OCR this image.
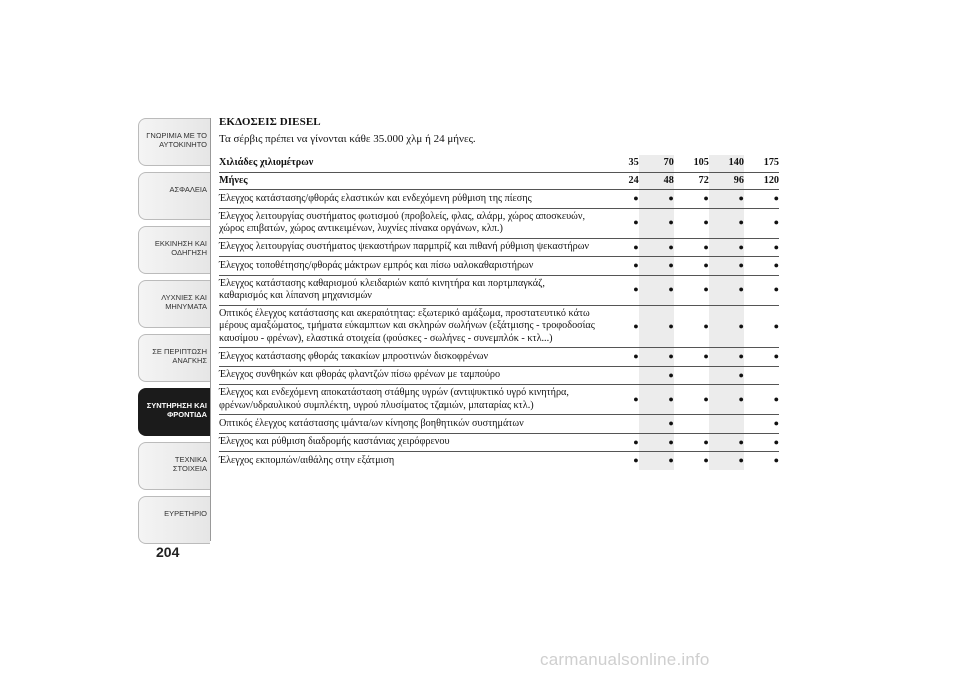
ΓΝΩΡΙΜΙΑ ΜΕ ΤΟ ΑΥΤΟΚΙΝΗΤΟ
ΑΣΦΑΛΕΙΑ
ΕΚΚΙΝΗΣΗ ΚΑΙ ΟΔΗΓΗΣΗ
ΛΥΧΝΙΕΣ ΚΑΙ ΜΗΝΥΜΑΤΑ
ΣΕ ΠΕΡΙΠΤΩΣΗ ΑΝΑΓΚΗΣ
ΣΥΝΤΗΡΗΣΗ ΚΑΙ ΦΡΟΝΤΙΔΑ
ΤΕΧΝΙΚΑ ΣΤΟΙΧΕΙΑ
ΕΥΡΕΤΗΡΙΟ
204
ΕΚΔΟΣΕΙΣ DIESEL
Τα σέρβις πρέπει να γίνονται κάθε 35.000 χλμ ή 24 μήνες.
Χιλιάδες χιλιομέτρων	35	70	105	140	175
Μήνες	24	48	72	96	120
Έλεγχος κατάστασης/φθοράς ελαστικών και ενδεχόμενη ρύθμιση της πίεσης	●	●	●	●	●
Έλεγχος λειτουργίας συστήματος φωτισμού (προβολείς, φλας, αλάρμ, χώρος αποσκευών, χώρος επιβατών, χώρος αντικειμένων, λυχνίες πίνακα οργάνων, κλπ.)	●	●	●	●	●
Έλεγχος λειτουργίας συστήματος ψεκαστήρων παρμπρίζ και πιθανή ρύθμιση ψεκαστήρων	●	●	●	●	●
Έλεγχος τοποθέτησης/φθοράς μάκτρων εμπρός και πίσω υαλοκαθαριστήρων	●	●	●	●	●
Έλεγχος κατάστασης καθαρισμού κλειδαριών καπό κινητήρα και πορτμπαγκάζ, καθαρισμός και λίπανση μηχανισμών	●	●	●	●	●
Οπτικός έλεγχος κατάστασης και ακεραιότητας: εξωτερικό αμάξωμα, προστατευτικό κάτω μέρους αμαξώματος, τμήματα εύκαμπτων και σκληρών σωλήνων (εξάτμισης - τροφοδοσίας καυσίμου - φρένων), ελαστικά στοιχεία (φούσκες - σωλήνες - συνεμπλόκ - κτλ...)	●	●	●	●	●
Έλεγχος κατάστασης φθοράς τακακίων μπροστινών δισκοφρένων	●	●	●	●	●
Έλεγχος συνθηκών και φθοράς φλαντζών πίσω φρένων με ταμπούρο		●		●	
Έλεγχος και ενδεχόμενη αποκατάσταση στάθμης υγρών (αντιψυκτικό υγρό κινητήρα, φρένων/υδραυλικού συμπλέκτη, υγρού πλυσίματος τζαμιών, μπαταρίας κτλ.)	●	●	●	●	●
Οπτικός έλεγχος κατάστασης ιμάντα/ων κίνησης βοηθητικών συστημάτων		●			●
Έλεγχος και ρύθμιση διαδρομής καστάνιας χειρόφρενου	●	●	●	●	●
Έλεγχος εκπομπών/αιθάλης στην εξάτμιση	●	●	●	●	●
carmanualsonline.info
